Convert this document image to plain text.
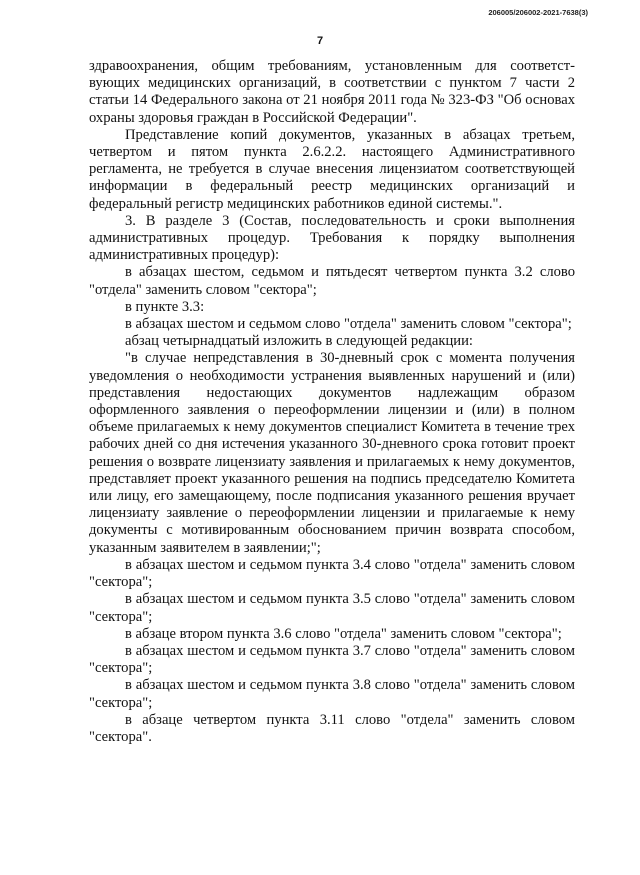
206005/206002-2021-7638(3)
7

здравоохранения, общим требованиям, установленным для соответст-вующих медицинских организаций, в соответствии с пунктом 7 части 2 статьи 14 Федерального закона от 21 ноября 2011 года № 323-ФЗ "Об основах охраны здоровья граждан в Российской Федерации".

Представление копий документов, указанных в абзацах третьем, четвертом и пятом пункта 2.6.2.2. настоящего Административного регламента, не требуется в случае внесения лицензиатом соответствующей информации в федеральный реестр медицинских организаций и федеральный регистр медицинских работников единой системы.".

3. В разделе 3 (Состав, последовательность и сроки выполнения административных процедур. Требования к порядку выполнения административных процедур):

в абзацах шестом, седьмом и пятьдесят четвертом пункта 3.2 слово "отдела" заменить словом "сектора";

в пункте 3.3:

в абзацах шестом и седьмом слово "отдела" заменить словом "сектора";

абзац четырнадцатый изложить в следующей редакции:

"в случае непредставления в 30-дневный срок с момента получения уведомления о необходимости устранения выявленных нарушений и (или) представления недостающих документов надлежащим образом оформленного заявления о переоформлении лицензии и (или) в полном объеме прилагаемых к нему документов специалист Комитета в течение трех рабочих дней со дня истечения указанного 30-дневного срока готовит проект решения о возврате лицензиату заявления и прилагаемых к нему документов, представляет проект указанного решения на подпись председателю Комитета или лицу, его замещающему, после подписания указанного решения вручает лицензиату заявление о переоформлении лицензии и прилагаемые к нему документы с мотивированным обоснованием причин возврата способом, указанным заявителем в заявлении;";

в абзацах шестом и седьмом пункта 3.4 слово "отдела" заменить словом "сектора";

в абзацах шестом и седьмом пункта 3.5 слово "отдела" заменить словом "сектора";

в абзаце втором пункта 3.6 слово "отдела" заменить словом "сектора";

в абзацах шестом и седьмом пункта 3.7 слово "отдела" заменить словом "сектора";

в абзацах шестом и седьмом пункта 3.8 слово "отдела" заменить словом "сектора";

в абзаце четвертом пункта 3.11 слово "отдела" заменить словом "сектора".
